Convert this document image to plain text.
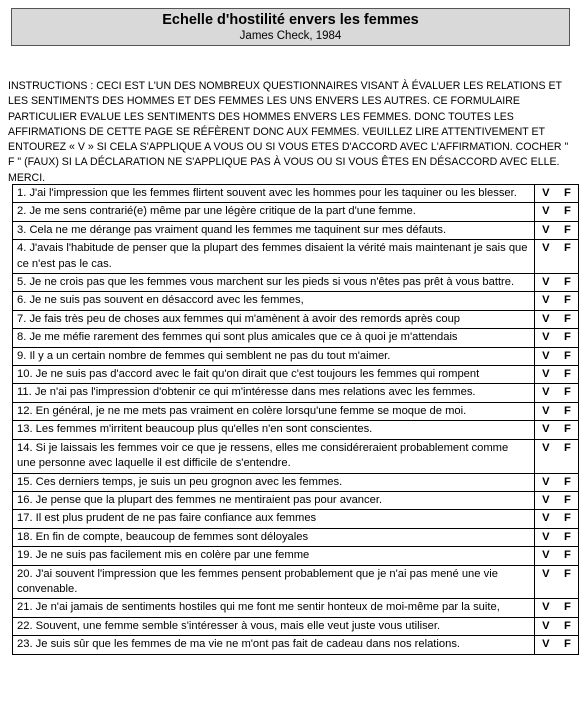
Echelle d'hostilité envers les femmes
James Check, 1984

INSTRUCTIONS : CECI EST L'UN DES NOMBREUX QUESTIONNAIRES VISANT À ÉVALUER LES RELATIONS ET LES SENTIMENTS DES HOMMES ET DES FEMMES LES UNS ENVERS LES AUTRES. CE FORMULAIRE PARTICULIER EVALUE LES SENTIMENTS DES HOMMES ENVERS LES FEMMES. DONC TOUTES LES AFFIRMATIONS DE CETTE PAGE SE RÉFÈRENT DONC AUX FEMMES. VEUILLEZ LIRE ATTENTIVEMENT ET ENTOUREZ « V » SI CELA S'APPLIQUE A VOUS OU SI VOUS ETES D'ACCORD AVEC L'AFFIRMATION. COCHER " F " (FAUX) SI LA DÉCLARATION NE S'APPLIQUE PAS À VOUS OU SI VOUS ÊTES EN DÉSACCORD AVEC ELLE. MERCI.

1. J'ai l'impression que les femmes flirtent souvent avec les hommes pour les taquiner ou les blesser.	V F

2. Je me sens contrarié(e) même par une légère critique de la part d'une femme.	V F

3. Cela ne me dérange pas vraiment quand les femmes me taquinent sur mes défauts.	V F

4. J'avais l'habitude de penser que la plupart des femmes disaient la vérité mais maintenant je sais que ce n'est pas le cas.	V F

5. Je ne crois pas que les femmes vous marchent sur les pieds si vous n'êtes pas prêt à vous battre.	V F

6. Je ne suis pas souvent en désaccord avec les femmes,	V F

7. Je fais très peu de choses aux femmes qui m'amènent à avoir des remords après coup	V F

8. Je me méfie rarement des femmes qui sont plus amicales que ce à quoi je m'attendais	V F

9. Il y a un certain nombre de femmes qui semblent ne pas du tout m'aimer.	V F

10. Je ne suis pas d'accord avec le fait qu'on dirait que c'est toujours les femmes qui rompent	V F

11. Je n'ai pas l'impression d'obtenir ce qui m'intéresse dans mes relations avec les femmes.	V F

12. En général, je ne me mets pas vraiment en colère lorsqu'une femme se moque de moi.	V F

13. Les femmes m'irritent beaucoup plus qu'elles n'en sont conscientes.	V F

14. Si je laissais les femmes voir ce que je ressens, elles me considéreraient probablement comme une personne avec laquelle il est difficile de s'entendre.	V F

15. Ces derniers temps, je suis un peu grognon avec les femmes.	V F

16. Je pense que la plupart des femmes ne mentiraient pas pour avancer.	V F

17. Il est plus prudent de ne pas faire confiance aux femmes	V F

18. En fin de compte, beaucoup de femmes sont déloyales	V F

19. Je ne suis pas facilement mis en colère par une femme	V F

20. J'ai souvent l'impression que les femmes pensent probablement que je n'ai pas mené une vie convenable.	V F

21. Je n'ai jamais de sentiments hostiles qui me font me sentir honteux de moi-même par la suite,	V F

22. Souvent, une femme semble s'intéresser à vous, mais elle veut juste vous utiliser.	V F

23. Je suis sûr que les femmes de ma vie ne m'ont pas fait de cadeau dans nos relations.	V F
